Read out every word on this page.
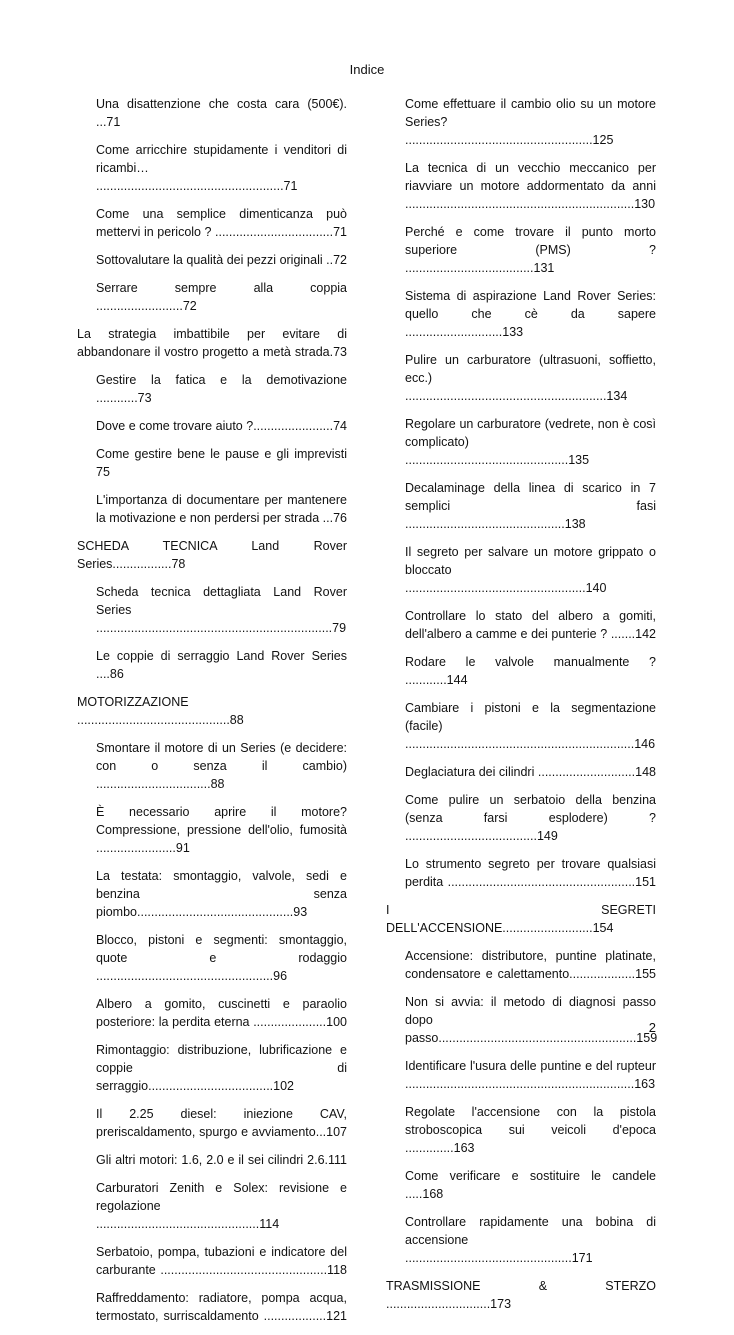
Indice
Una disattenzione che costa cara (500€). ...71
Come arricchire stupidamente i venditori di ricambi… ......................................................71
Come una semplice dimenticanza può mettervi in pericolo ? ..................................71
Sottovalutare la qualità dei pezzi originali ..72
Serrare sempre alla coppia .........................72
La strategia imbattibile per evitare di abbandonare il vostro progetto a metà strada.73
Gestire la fatica e la demotivazione ............73
Dove e come trovare aiuto ?.......................74
Come gestire bene le pause e gli imprevisti 75
L'importanza di documentare per mantenere la motivazione e non perdersi per strada ...76
SCHEDA TECNICA Land Rover Series.................78
Scheda tecnica dettagliata Land Rover Series ....................................................................79
Le coppie di serraggio Land Rover Series ....86
MOTORIZZAZIONE ............................................88
Smontare il motore di un Series (e decidere: con o senza il cambio) .................................88
È necessario aprire il motore? Compressione, pressione dell'olio, fumosità .......................91
La testata: smontaggio, valvole, sedi e benzina senza piombo.............................................93
Blocco, pistoni e segmenti: smontaggio, quote e rodaggio ...................................................96
Albero a gomito, cuscinetti e paraolio posteriore: la perdita eterna .....................100
Rimontaggio: distribuzione, lubrificazione e coppie di serraggio....................................102
Il 2.25 diesel: iniezione CAV, preriscaldamento, spurgo e avviamento...107
Gli altri motori: 1.6, 2.0 e il sei cilindri 2.6.111
Carburatori Zenith e Solex: revisione e regolazione ...............................................114
Serbatoio, pompa, tubazioni e indicatore del carburante ................................................118
Raffreddamento: radiatore, pompa acqua, termostato, surriscaldamento ..................121
Come effettuare il cambio olio su un motore Series? ......................................................125
La tecnica di un vecchio meccanico per riavviare un motore addormentato da anni ..................................................................130
Perché e come trovare il punto morto superiore (PMS) ? .....................................131
Sistema di aspirazione Land Rover Series: quello che cè da sapere ............................133
Pulire un carburatore (ultrasuoni, soffietto, ecc.) ..........................................................134
Regolare un carburatore (vedrete, non è così complicato) ...............................................135
Decalaminage della linea di scarico in 7 semplici fasi ..............................................138
Il segreto per salvare un motore grippato o bloccato ....................................................140
Controllare lo stato del albero a gomiti, dell'albero a camme e dei punterie ? .......142
Rodare le valvole manualmente ? ............144
Cambiare i pistoni e la segmentazione (facile) ..................................................................146
Deglaciatura dei cilindri ............................148
Come pulire un serbatoio della benzina (senza farsi esplodere) ? ......................................149
Lo strumento segreto per trovare qualsiasi perdita ......................................................151
I SEGRETI DELL'ACCENSIONE..........................154
Accensione: distributore, puntine platinate, condensatore e calettamento...................155
Non si avvia: il metodo di diagnosi passo dopo passo.........................................................159
Identificare l'usura delle puntine e del rupteur ..................................................................163
Regolate l'accensione con la pistola stroboscopica sui veicoli d'epoca ..............163
Come verificare e sostituire le candele .....168
Controllare rapidamente una bobina di accensione ................................................171
TRASMISSIONE & STERZO ..............................173
2
